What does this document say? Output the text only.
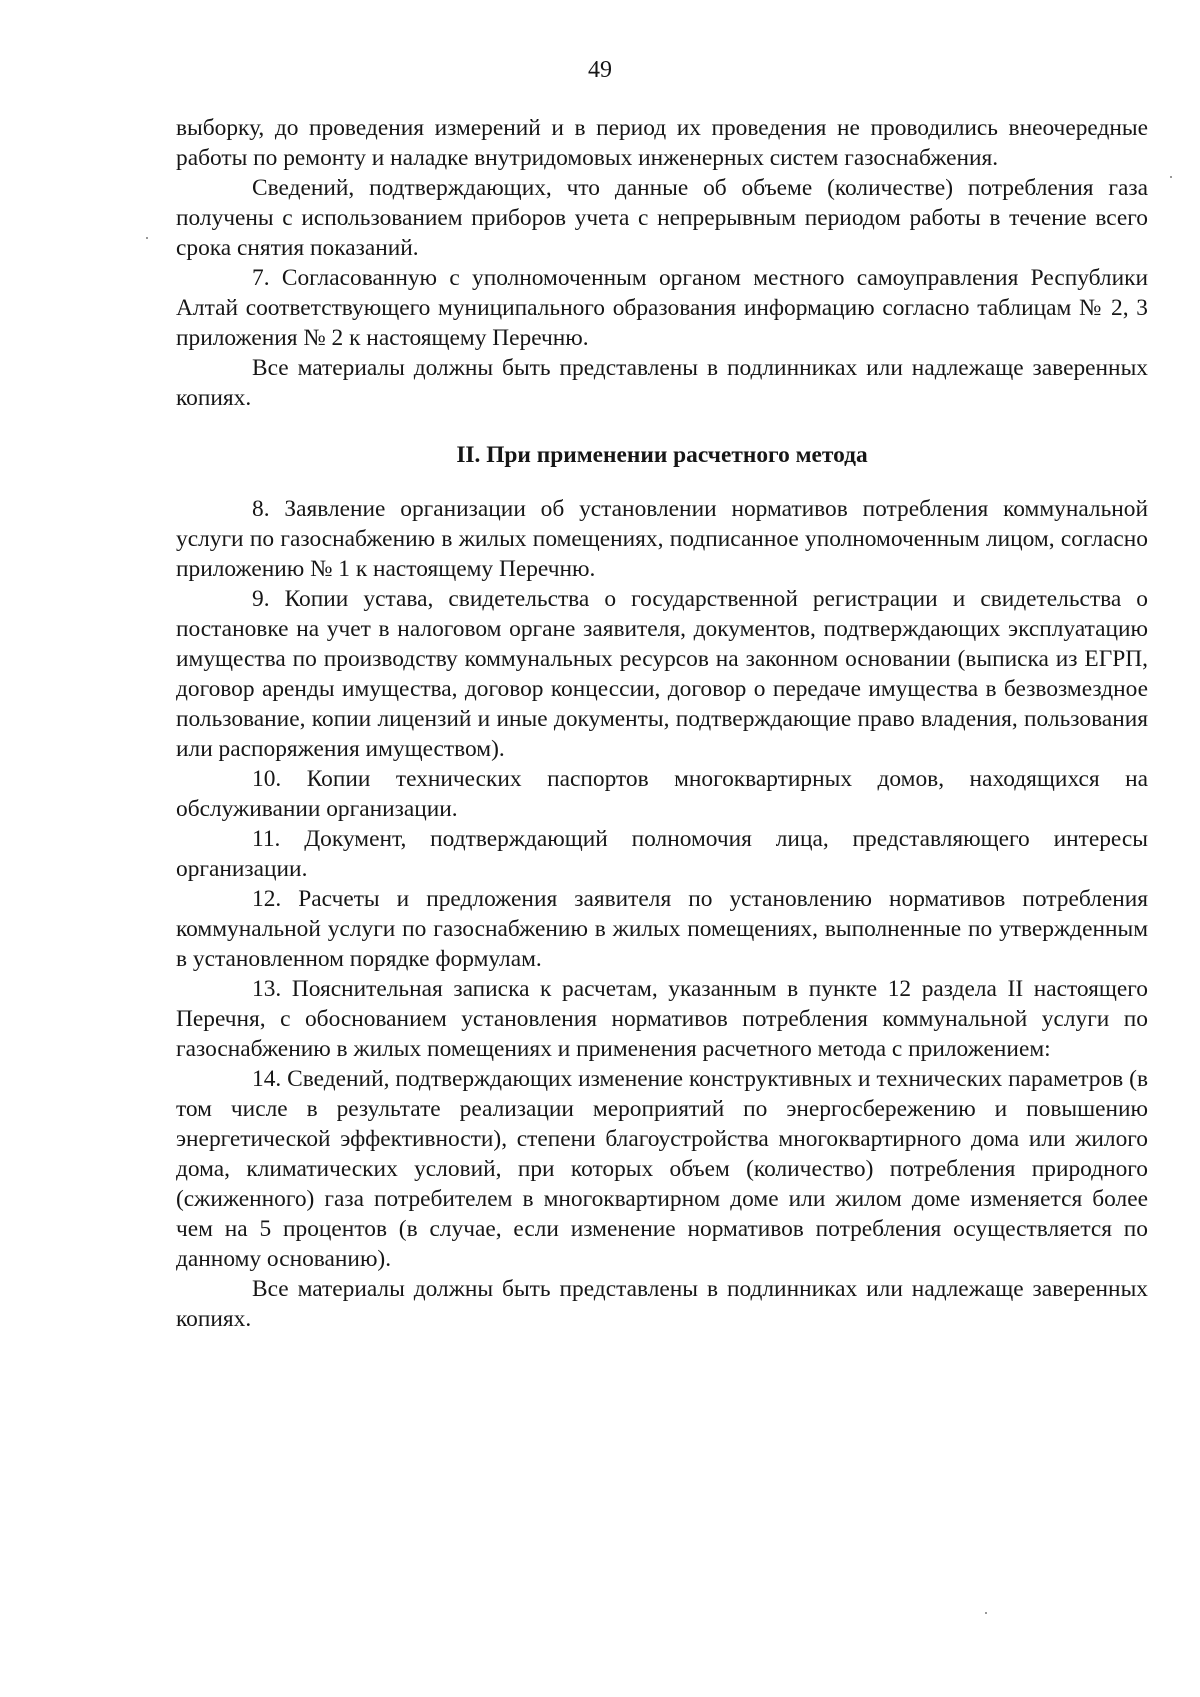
49

выборку, до проведения измерений и в период их проведения не проводились внеочередные работы по ремонту и наладке внутридомовых инженерных систем газоснабжения.

Сведений, подтверждающих, что данные об объеме (количестве) потребления газа получены с использованием приборов учета с непрерывным периодом работы в течение всего срока снятия показаний.

7. Согласованную с уполномоченным органом местного самоуправления Республики Алтай соответствующего муниципального образования информацию согласно таблицам № 2, 3 приложения № 2 к настоящему Перечню.

Все материалы должны быть представлены в подлинниках или надлежаще заверенных копиях.

II. При применении расчетного метода

8. Заявление организации об установлении нормативов потребления коммунальной услуги по газоснабжению в жилых помещениях, подписанное уполномоченным лицом, согласно приложению № 1 к настоящему Перечню.

9. Копии устава, свидетельства о государственной регистрации и свидетельства о постановке на учет в налоговом органе заявителя, документов, подтверждающих эксплуатацию имущества по производству коммунальных ресурсов на законном основании (выписка из ЕГРП, договор аренды имущества, договор концессии, договор о передаче имущества в безвозмездное пользование, копии лицензий и иные документы, подтверждающие право владения, пользования или распоряжения имуществом).

10. Копии технических паспортов многоквартирных домов, находящихся на обслуживании организации.

11. Документ, подтверждающий полномочия лица, представляющего интересы организации.

12. Расчеты и предложения заявителя по установлению нормативов потребления коммунальной услуги по газоснабжению в жилых помещениях, выполненные по утвержденным в установленном порядке формулам.

13. Пояснительная записка к расчетам, указанным в пункте 12 раздела II настоящего Перечня, с обоснованием установления нормативов потребления коммунальной услуги по газоснабжению в жилых помещениях и применения расчетного метода с приложением:

14. Сведений, подтверждающих изменение конструктивных и технических параметров (в том числе в результате реализации мероприятий по энергосбережению и повышению энергетической эффективности), степени благоустройства многоквартирного дома или жилого дома, климатических условий, при которых объем (количество) потребления природного (сжиженного) газа потребителем в многоквартирном доме или жилом доме изменяется более чем на 5 процентов (в случае, если изменение нормативов потребления осуществляется по данному основанию).

Все материалы должны быть представлены в подлинниках или надлежаще заверенных копиях.
